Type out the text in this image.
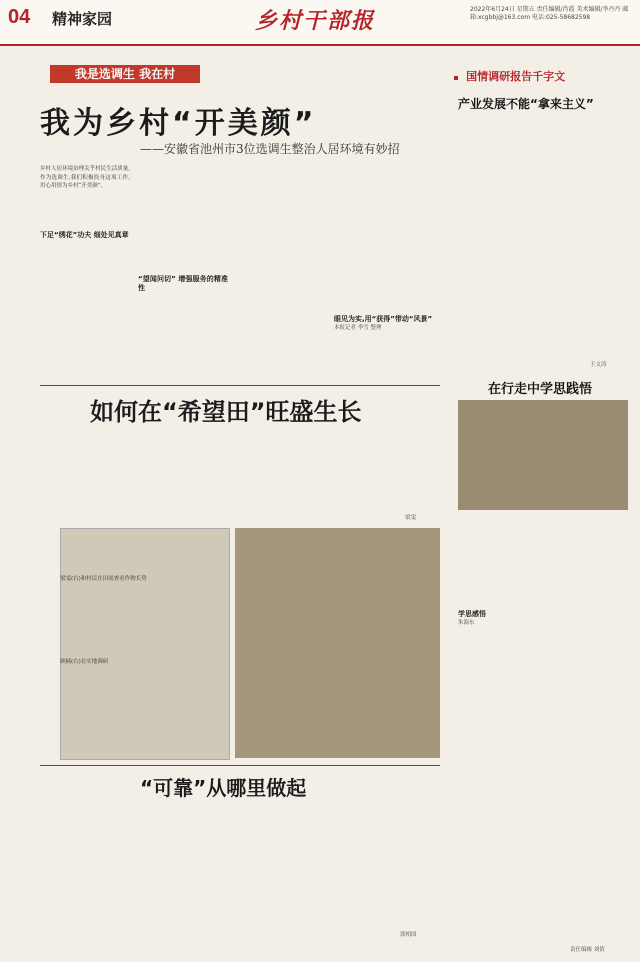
04 精神家园	乡村干部报	2022年6月24日 星期五 责任编辑/肖霞 美术编辑/李丹丹 邮箱:xcgbbj@163.com 电话:025-58682598
我是选调生 我在村
我为乡村“开美颜”
——安徽省池州市3位选调生整治人居环境有妙招
乡村人居环境治理关乎村民生活质量,作为选调生,我们积极投身这项工作,用心用情为乡村“开美颜”。
下足“绣花”功夫 细处见真章
“望闻问切” 增强服务的精准性
眼见为实,用“获得”带动“风景”
本报记者 李雪 整理
如何在“希望田”旺盛生长
梁雯(右)和村民在田间查看作物长势
顾楠(右)在实地调研
梁雯
“可靠”从哪里做起
郭相国
国情调研报告千字文
产业发展不能“拿来主义”
王文涛
在行走中学思践悟
学思感悟
朱海东
责任编辑 刘倩
